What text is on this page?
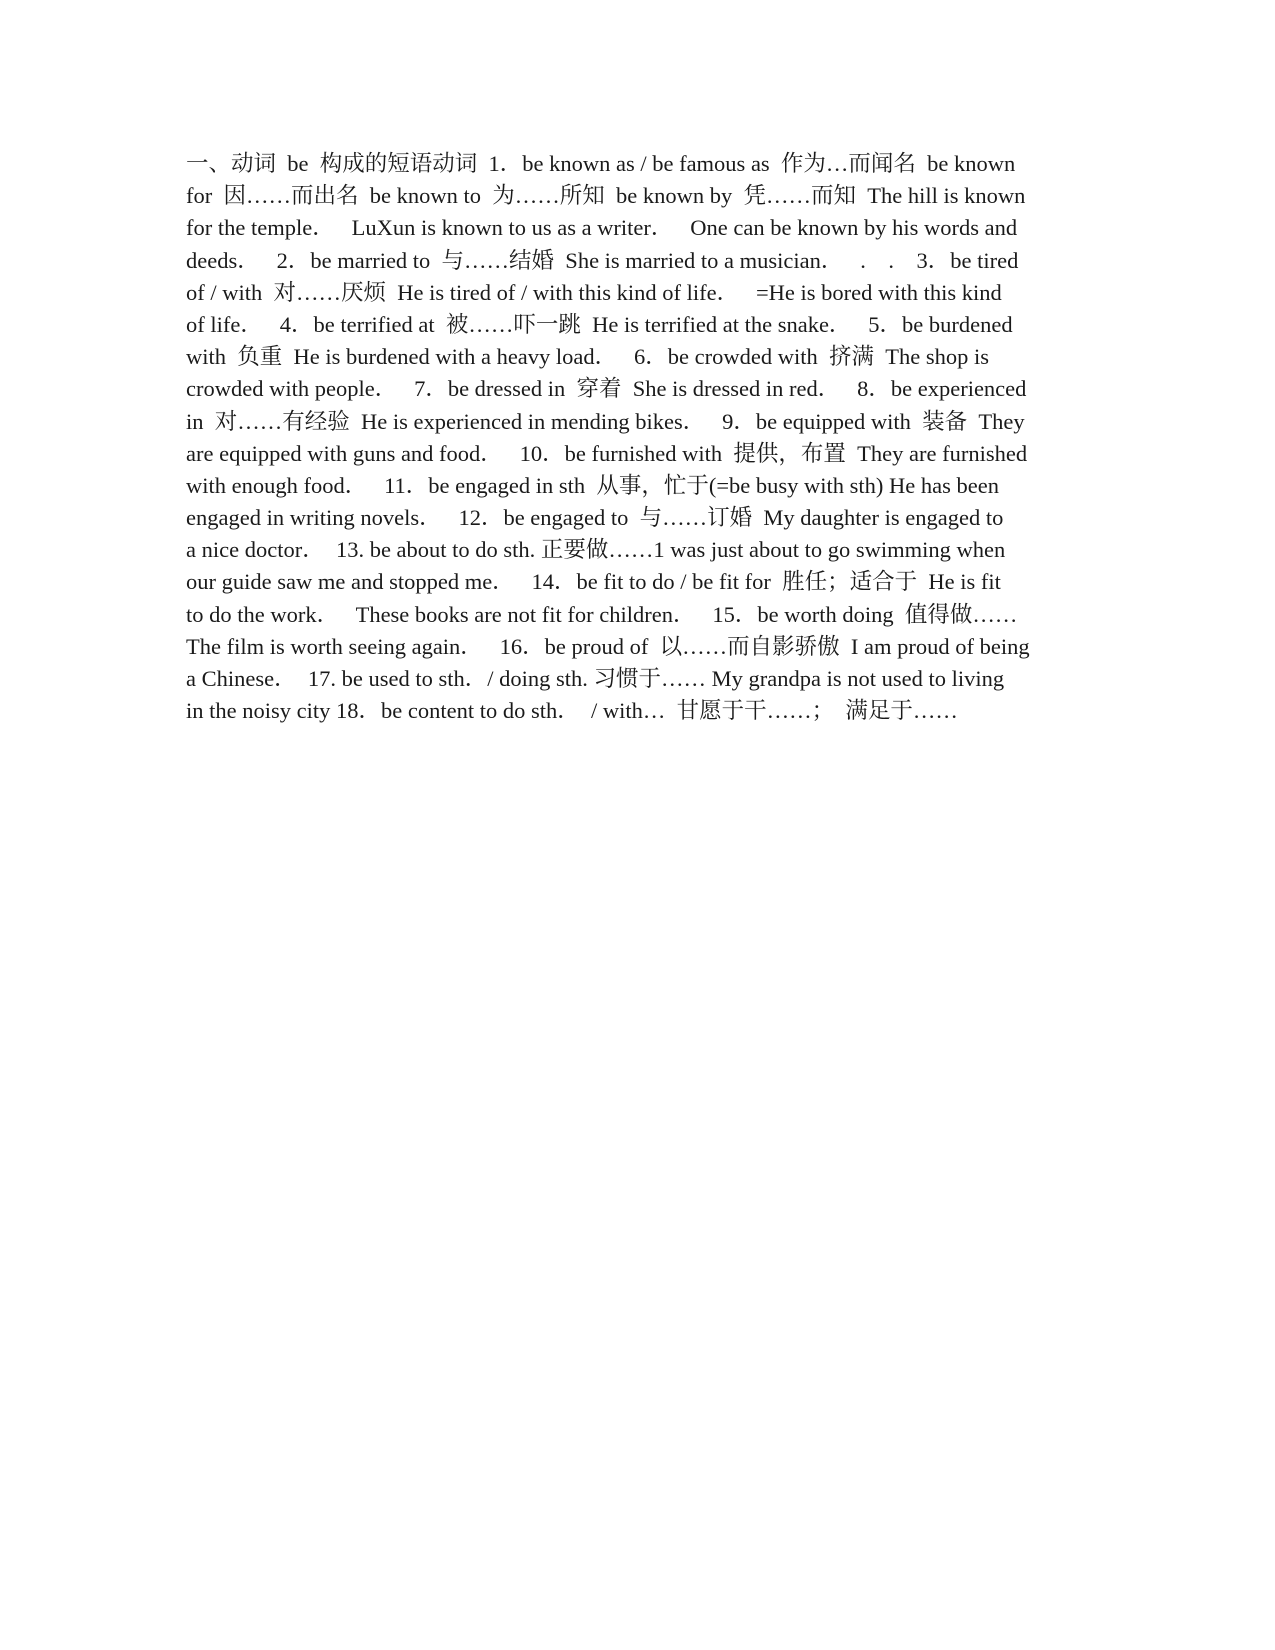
一、动词  be  构成的短语动词  1．be known as / be famous as  作为…而闻名  be known
for  因……而出名  be known to  为……所知  be known by  凭……而知  The hill is known
for the temple．   LuXun is known to us as a writer．   One can be known by his words and
deeds．   2．be married to  与……结婚  She is married to a musician．   .    .    3．be tired
of / with  对……厌烦  He is tired of / with this kind of life．   =He is bored with this kind
of life．   4．be terrified at  被……吓一跳  He is terrified at the snake．   5．be burdened
with  负重  He is burdened with a heavy load．   6．be crowded with  挤满  The shop is
crowded with people．   7．be dressed in  穿着  She is dressed in red．   8．be experienced
in  对……有经验  He is experienced in mending bikes．   9．be equipped with  装备  They
are equipped with guns and food．   10．be furnished with  提供，布置  They are furnished
with enough food．   11．be engaged in sth  从事，忙于(=be busy with sth) He has been
engaged in writing novels．   12．be engaged to  与……订婚  My daughter is engaged to
a nice doctor．  13. be about to do sth. 正要做……1 was just about to go swimming when
our guide saw me and stopped me．   14．be fit to do / be fit for  胜任；适合于  He is fit
to do the work．   These books are not fit for children．   15．be worth doing  值得做……
The film is worth seeing again．   16．be proud of  以……而自影骄傲  I am proud of being
a Chinese．  17. be used to sth．/ doing sth. 习惯于…… My grandpa is not used to living
in the noisy city 18．be content to do sth．  / with…  甘愿于干……；  满足于……
